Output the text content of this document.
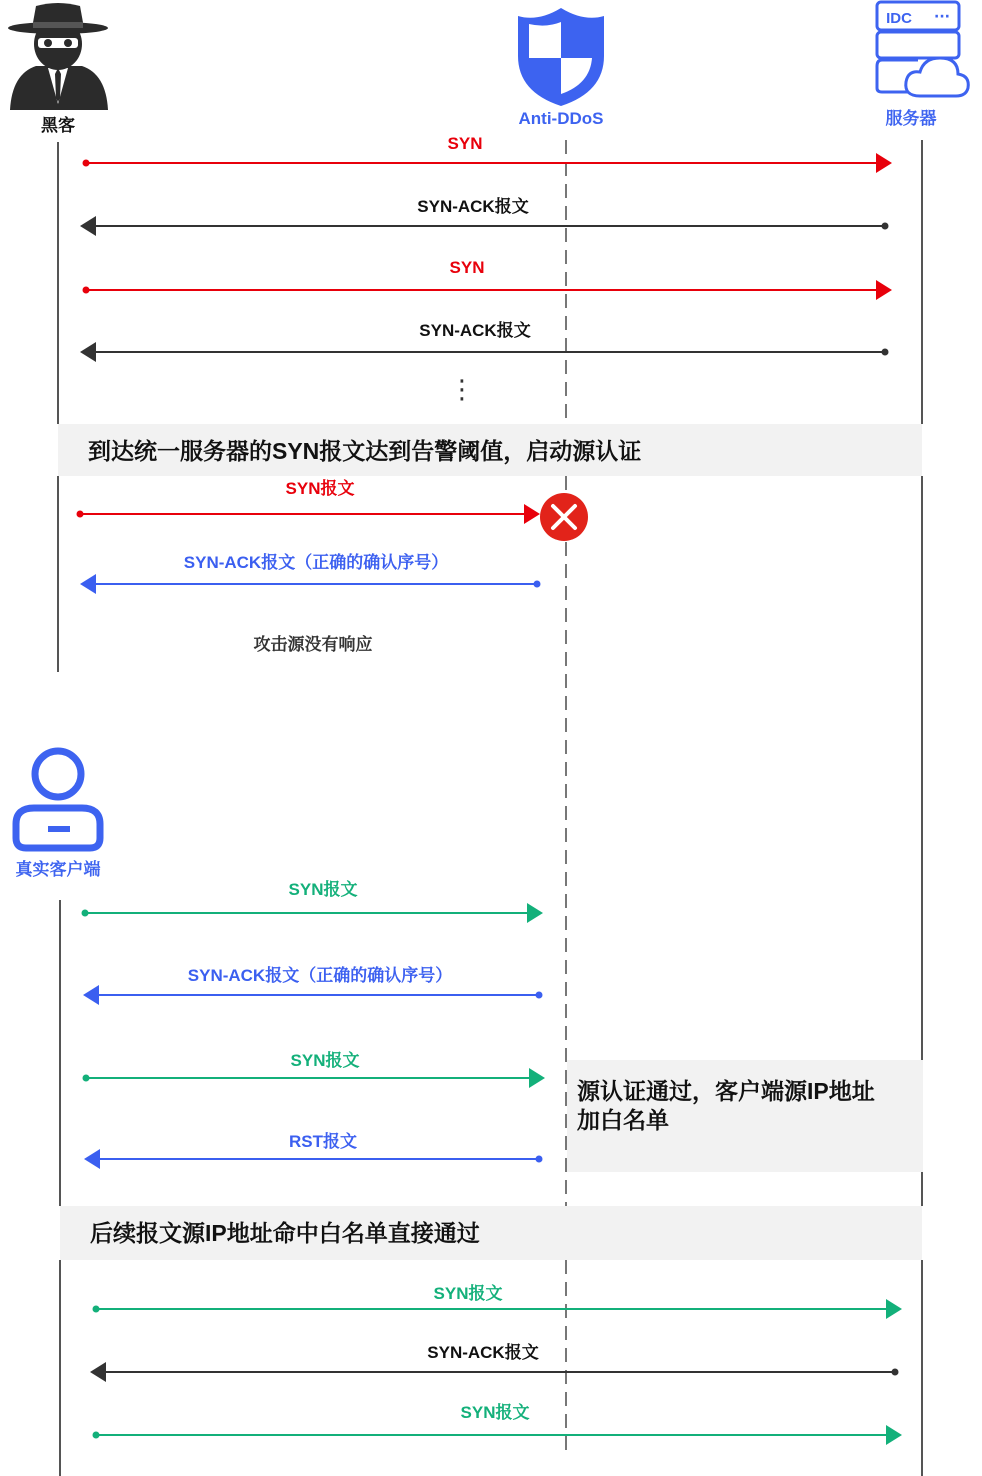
黑客	Anti-DDoS
IDC ···
服务器
SYN
SYN-ACK报文
SYN
SYN-ACK报文
⋮
到达统一服务器的SYN报文达到告警阈值，启动源认证
SYN报文
SYN-ACK报文（正确的确认序号）
攻击源没有响应
真实客户端
SYN报文
SYN-ACK报文（正确的确认序号）
SYN报文
源认证通过，客户端源IP地址
加白名单
RST报文
后续报文源IP地址命中白名单直接通过
SYN报文
SYN-ACK报文
SYN报文
